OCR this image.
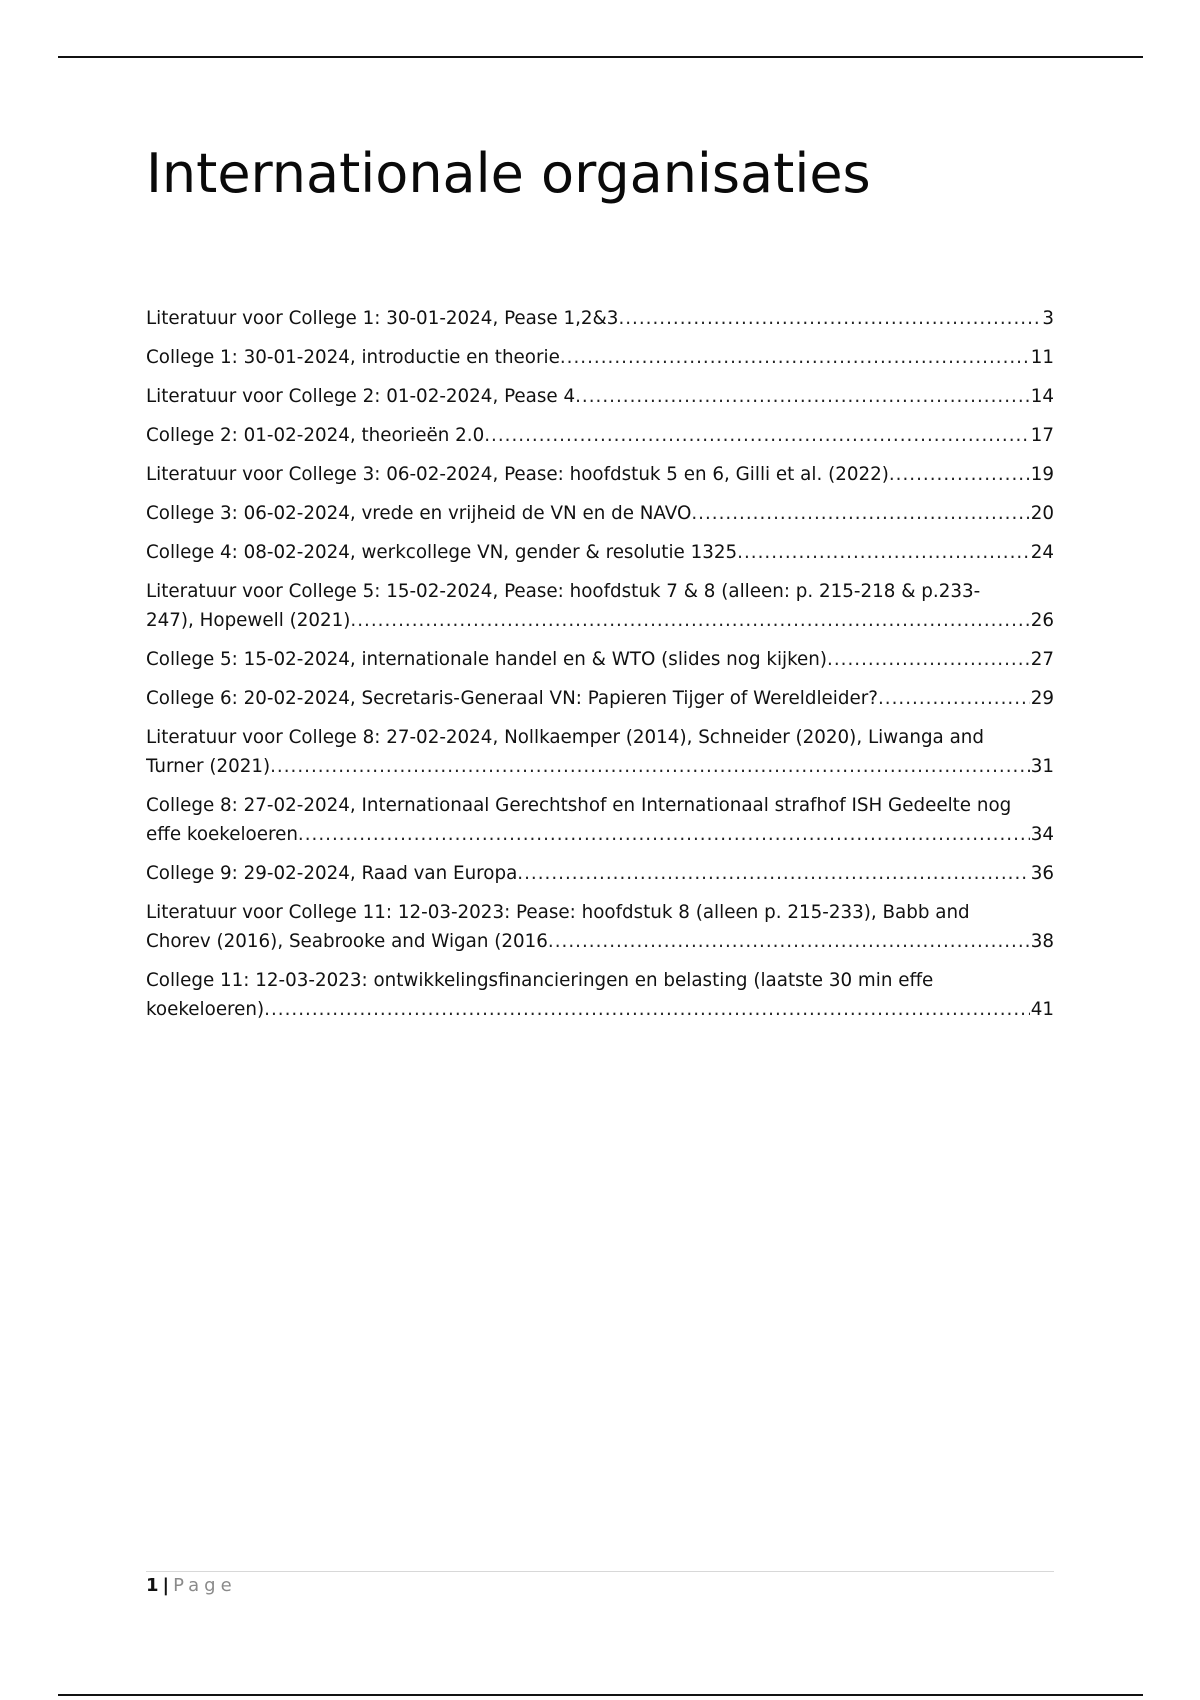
Internationale organisaties
Literatuur voor College 1: 30-01-2024, Pease 1,2&3 .....	3
College 1: 30-01-2024, introductie en theorie .....	11
Literatuur voor College 2: 01-02-2024, Pease 4 .....	14
College 2: 01-02-2024, theorieën 2.0 .....	17
Literatuur voor College 3: 06-02-2024, Pease: hoofdstuk 5 en 6, Gilli et al. (2022) .....	19
College 3: 06-02-2024, vrede en vrijheid de VN en de NAVO .....	20
College 4: 08-02-2024, werkcollege VN, gender & resolutie 1325 .....	24
Literatuur voor College 5: 15-02-2024, Pease: hoofdstuk 7 & 8 (alleen: p. 215-218 & p.233-247), Hopewell (2021) .....	26
College 5: 15-02-2024, internationale handel en & WTO (slides nog kijken) .....	27
College 6: 20-02-2024, Secretaris-Generaal VN: Papieren Tijger of Wereldleider? .....	29
Literatuur voor College 8: 27-02-2024, Nollkaemper (2014), Schneider (2020), Liwanga and Turner (2021) .....	31
College 8: 27-02-2024, Internationaal Gerechtshof en Internationaal strafhof ISH Gedeelte nog effe koekeloeren .....	34
College 9: 29-02-2024, Raad van Europa .....	36
Literatuur voor College 11: 12-03-2023: Pease: hoofdstuk 8 (alleen p. 215-233), Babb and Chorev (2016), Seabrooke and Wigan (2016 .....	38
College 11: 12-03-2023: ontwikkelingsfinancieringen en belasting (laatste 30 min effe koekeloeren) .....	41
1 | Page
